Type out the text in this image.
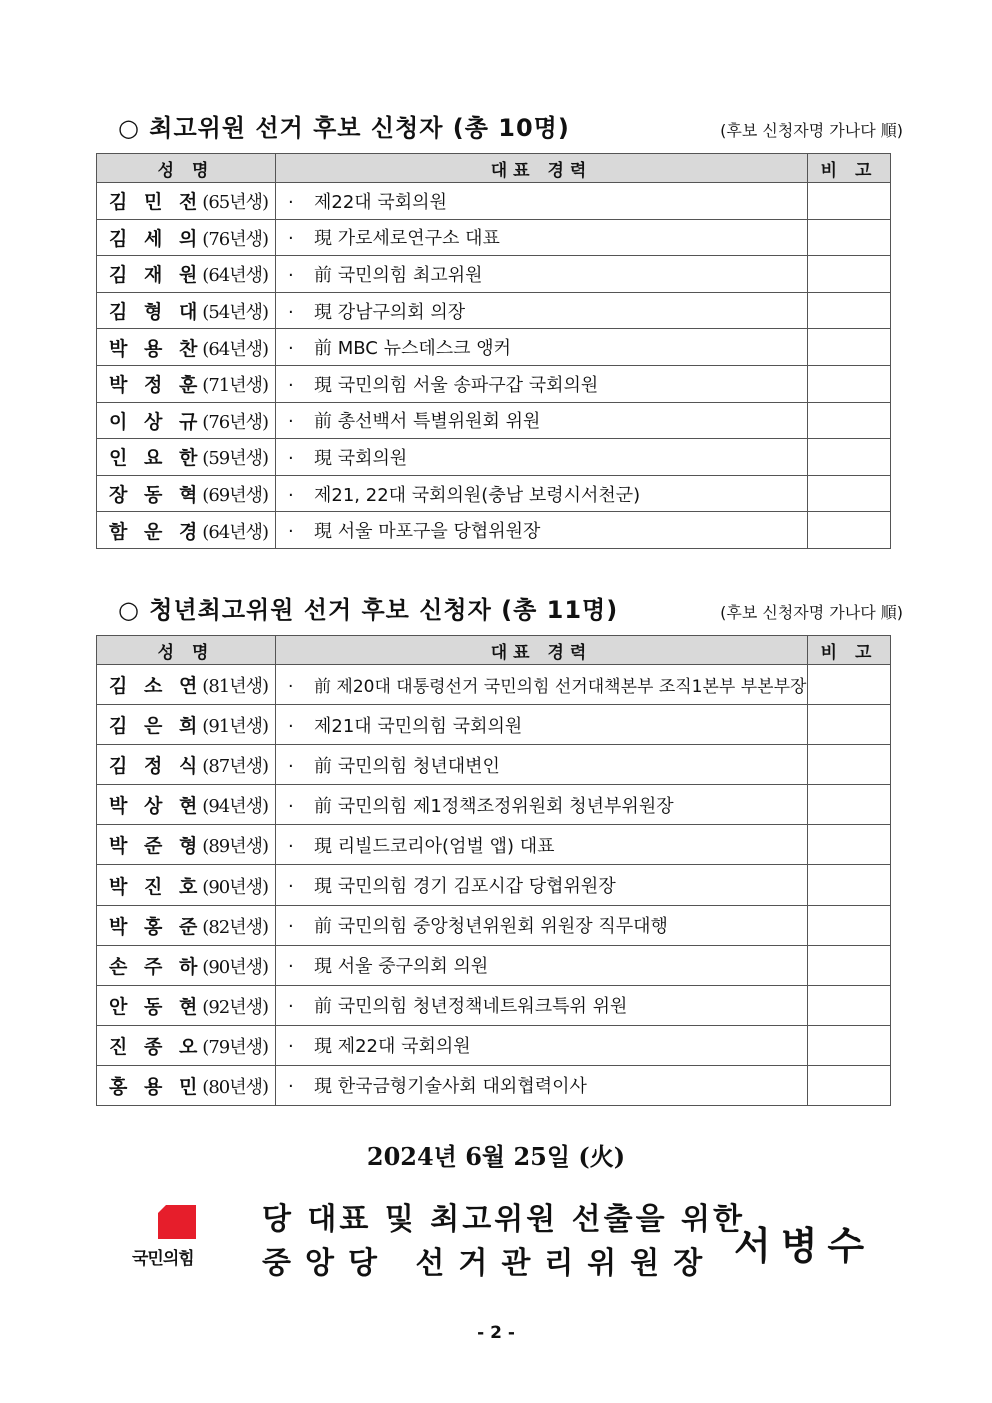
○ 최고위원 선거 후보 신청자 (총 10명)	(후보 신청자명 가나다 順)
성 명	대표 경력	비 고
김 민 전(65년생)	· 제22대 국회의원	
김 세 의(76년생)	· 現 가로세로연구소 대표	
김 재 원(64년생)	· 前 국민의힘 최고위원	
김 형 대(54년생)	· 現 강남구의회 의장	
박 용 찬(64년생)	· 前 MBC 뉴스데스크 앵커	
박 정 훈(71년생)	· 現 국민의힘 서울 송파구갑 국회의원	
이 상 규(76년생)	· 前 총선백서 특별위원회 위원	
인 요 한(59년생)	· 現 국회의원	
장 동 혁(69년생)	· 제21, 22대 국회의원(충남 보령시서천군)	
함 운 경(64년생)	· 現 서울 마포구을 당협위원장	
○ 청년최고위원 선거 후보 신청자 (총 11명)	(후보 신청자명 가나다 順)
성 명	대표 경력	비 고
김 소 연(81년생)	· 前 제20대 대통령선거 국민의힘 선거대책본부 조직1본부 부본부장	
김 은 희(91년생)	· 제21대 국민의힘 국회의원	
김 정 식(87년생)	· 前 국민의힘 청년대변인	
박 상 현(94년생)	· 前 국민의힘 제1정책조정위원회 청년부위원장	
박 준 형(89년생)	· 現 리빌드코리아(엄벌 앱) 대표	
박 진 호(90년생)	· 現 국민의힘 경기 김포시갑 당협위원장	
박 홍 준(82년생)	· 前 국민의힘 중앙청년위원회 위원장 직무대행	
손 주 하(90년생)	· 現 서울 중구의회 의원	
안 동 현(92년생)	· 前 국민의힘 청년정책네트워크특위 위원	
진 종 오(79년생)	· 現 제22대 국회의원	
홍 용 민(80년생)	· 現 한국금형기술사회 대외협력이사	
2024년 6월 25일 (火)
국민의힘
당 대표 및 최고위원 선출을 위한
중앙당 선거관리위원장 서병수
- 2 -
